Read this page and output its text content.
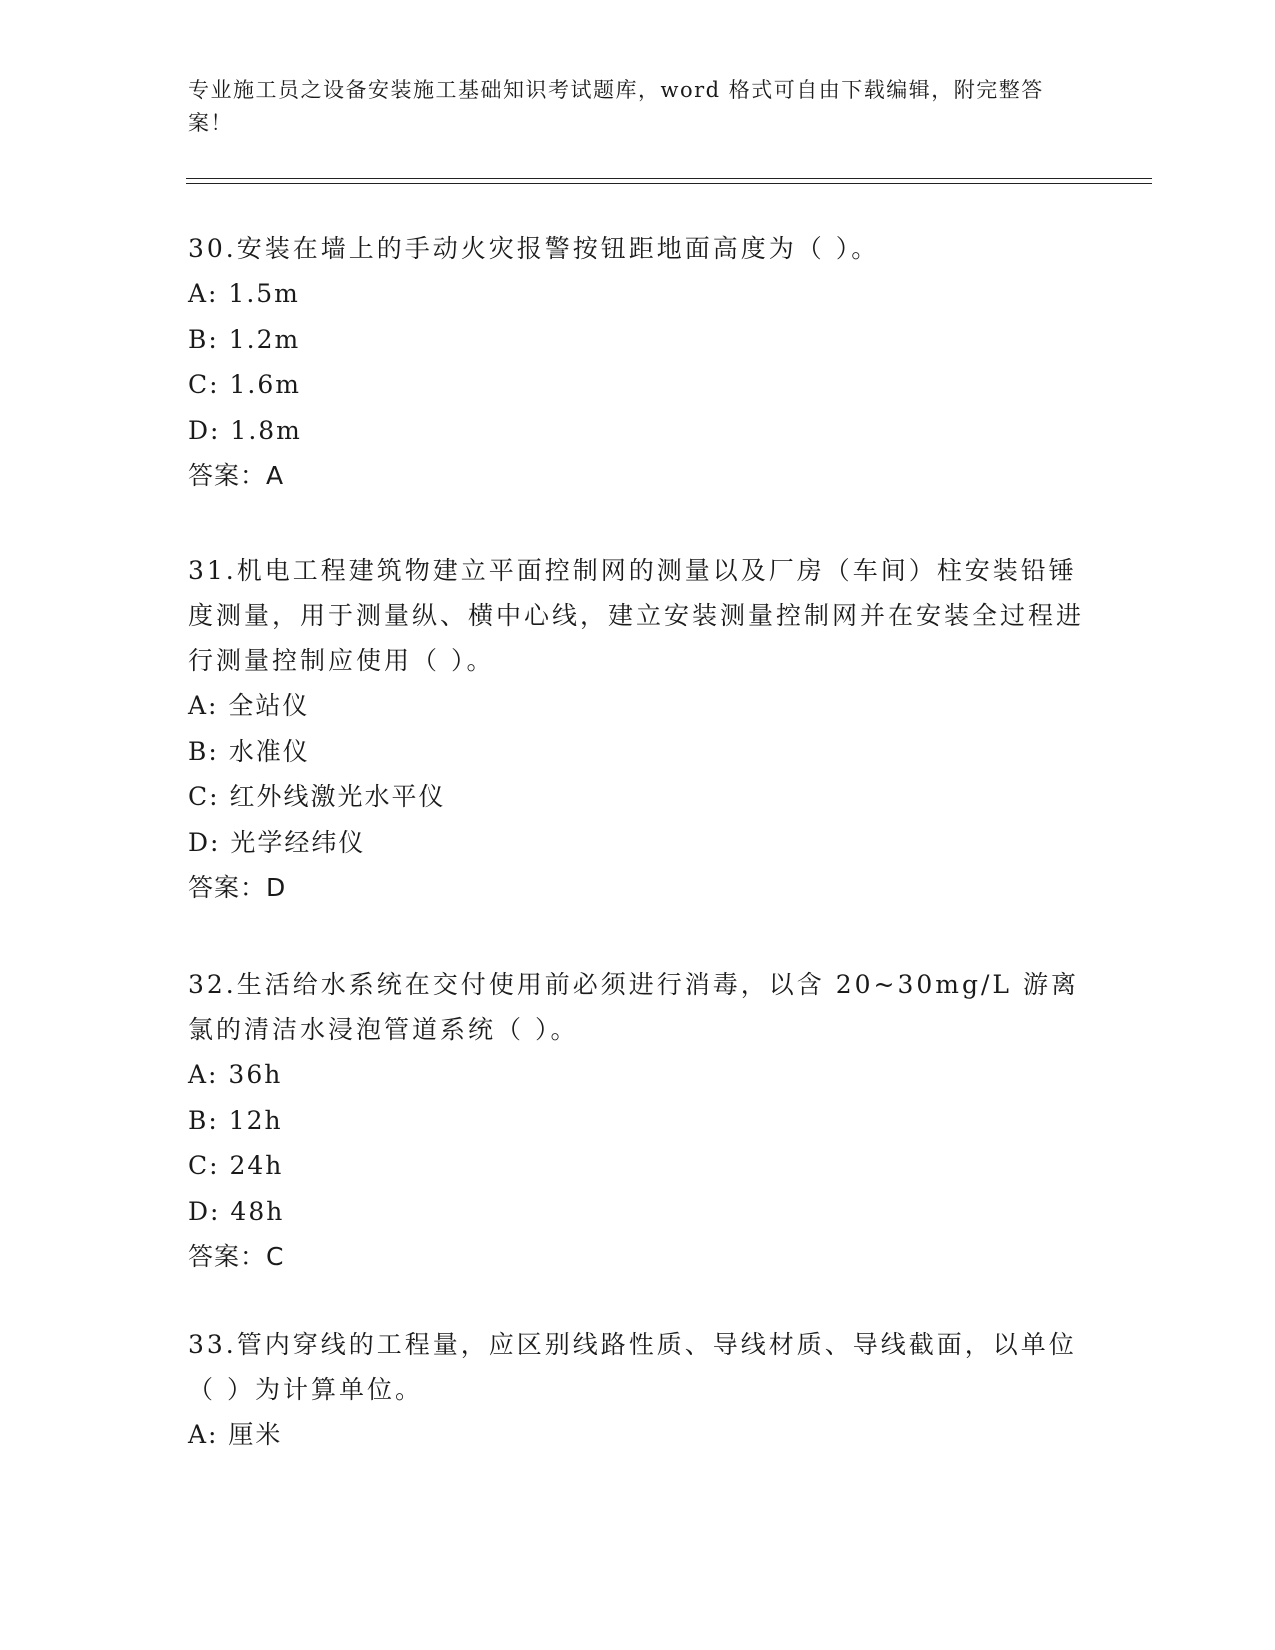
专业施工员之设备安装施工基础知识考试题库，word 格式可自由下载编辑，附完整答案！

30.安装在墙上的手动火灾报警按钮距地面高度为（ ）。

A: 1.5m

B: 1.2m

C: 1.6m

D: 1.8m

答案：A

31.机电工程建筑物建立平面控制网的测量以及厂房（车间）柱安装铅锤度测量，用于测量纵、横中心线，建立安装测量控制网并在安装全过程进行测量控制应使用（ ）。

A: 全站仪

B: 水准仪

C: 红外线激光水平仪

D: 光学经纬仪

答案：D

32.生活给水系统在交付使用前必须进行消毒，以含 20~30mg/L 游离氯的清洁水浸泡管道系统（ ）。

A: 36h

B: 12h

C: 24h

D: 48h

答案：C

33.管内穿线的工程量，应区别线路性质、导线材质、导线截面，以单位（ ）为计算单位。

A: 厘米
